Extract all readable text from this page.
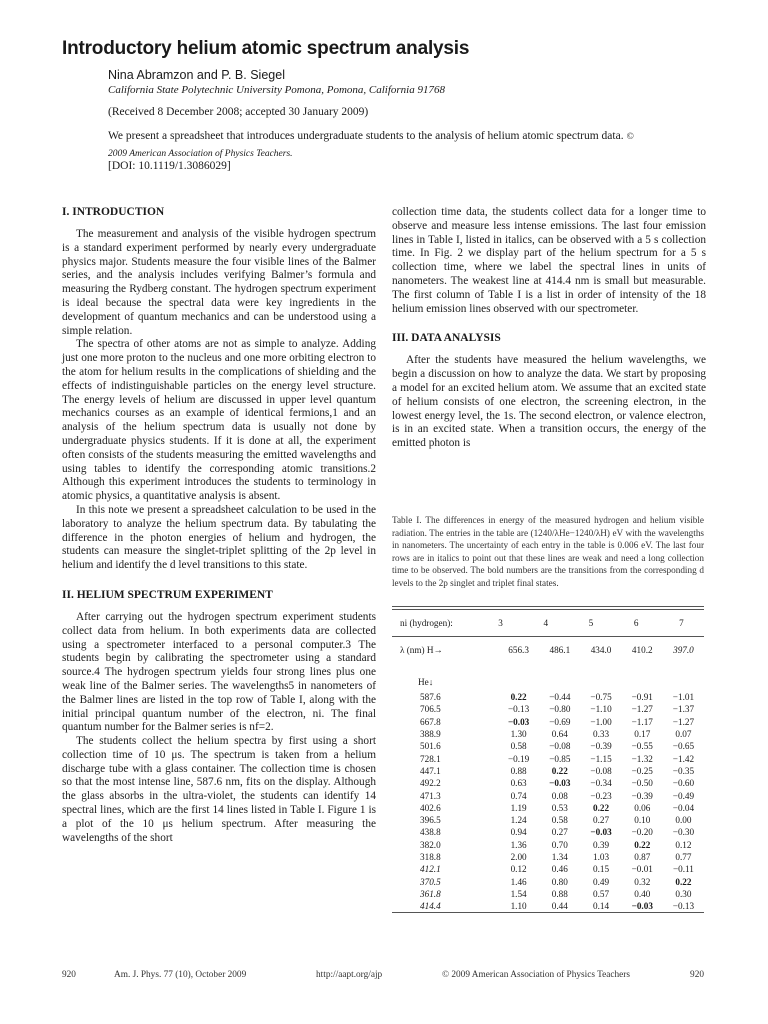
Introductory helium atomic spectrum analysis
Nina Abramzon and P. B. Siegel
California State Polytechnic University Pomona, Pomona, California 91768
(Received 8 December 2008; accepted 30 January 2009)
We present a spreadsheet that introduces undergraduate students to the analysis of helium atomic spectrum data. © 2009 American Association of Physics Teachers.
[DOI: 10.1119/1.3086029]
I. INTRODUCTION

The measurement and analysis of the visible hydrogen spectrum is a standard experiment performed by nearly every undergraduate physics major. Students measure the four visible lines of the Balmer series, and the analysis includes verifying Balmer’s formula and measuring the Rydberg constant. The hydrogen spectrum experiment is ideal because the spectral data were key ingredients in the development of quantum mechanics and can be understood using a simple relation.

The spectra of other atoms are not as simple to analyze. Adding just one more proton to the nucleus and one more orbiting electron to the atom for helium results in the complications of shielding and the effects of indistinguishable particles on the energy level structure. The energy levels of helium are discussed in upper level quantum mechanics courses as an example of identical fermions,1 and an analysis of the helium spectrum data is usually not done by undergraduate physics students. If it is done at all, the experiment often consists of the students measuring the emitted wavelengths and using tables to identify the corresponding atomic transitions.2 Although this experiment introduces the students to terminology in atomic physics, a quantitative analysis is absent.

In this note we present a spreadsheet calculation to be used in the laboratory to analyze the helium spectrum data. By tabulating the difference in the photon energies of helium and hydrogen, the students can measure the singlet-triplet splitting of the 2p level in helium and identify the d level transitions to this state.

II. HELIUM SPECTRUM EXPERIMENT

After carrying out the hydrogen spectrum experiment students collect data from helium. In both experiments data are collected using a spectrometer interfaced to a personal computer.3 The students begin by calibrating the spectrometer using a standard source.4 The hydrogen spectrum yields four strong lines plus one weak line of the Balmer series. The wavelengths5 in nanometers of the Balmer lines are listed in the top row of Table I, along with the initial principal quantum number of the electron, ni. The final quantum number for the Balmer series is nf=2.

The students collect the helium spectra by first using a short collection time of 10 μs. The spectrum is taken from a helium discharge tube with a glass container. The collection time is chosen so that the most intense line, 587.6 nm, fits on the display. Although the glass absorbs in the ultra-violet, the students can identify 14 spectral lines, which are the first 14 lines listed in Table I. Figure 1 is a plot of the 10 μs helium spectrum. After measuring the wavelengths of the short

collection time data, the students collect data for a longer time to observe and measure less intense emissions. The last four emission lines in Table I, listed in italics, can be observed with a 5 s collection time. In Fig. 2 we display part of the helium spectrum for a 5 s collection time, where we label the spectral lines in units of nanometers. The weakest line at 414.4 nm is small but measurable. The first column of Table I is a list in order of intensity of the 18 helium emission lines observed with our spectrometer.

III. DATA ANALYSIS

After the students have measured the helium wavelengths, we begin a discussion on how to analyze the data. We start by proposing a model for an excited helium atom. We assume that an excited state of helium consists of one electron, the screening electron, in the lowest energy level, the 1s. The second electron, or valence electron, is in an excited state. When a transition occurs, the energy of the emitted photon is

Table I. The differences in energy of the measured hydrogen and helium visible radiation. The entries in the table are (1240/λHe−1240/λH) eV with the wavelengths in nanometers. The uncertainty of each entry in the table is 0.006 eV. The last four rows are in italics to point out that these lines are weak and need a long collection time to be observed. The bold numbers are the transitions from the corresponding d levels to the 2p singlet and triplet final states.
ni (hydrogen):	3	4	5	6	7
λ (nm) H→	656.3	486.1	434.0	410.2	397.0
He↓					
587.6	0.22	−0.44	−0.75	−0.91	−1.01
706.5	−0.13	−0.80	−1.10	−1.27	−1.37
667.8	−0.03	−0.69	−1.00	−1.17	−1.27
388.9	1.30	0.64	0.33	0.17	0.07
501.6	0.58	−0.08	−0.39	−0.55	−0.65
728.1	−0.19	−0.85	−1.15	−1.32	−1.42
447.1	0.88	0.22	−0.08	−0.25	−0.35
492.2	0.63	−0.03	−0.34	−0.50	−0.60
471.3	0.74	0.08	−0.23	−0.39	−0.49
402.6	1.19	0.53	0.22	0.06	−0.04
396.5	1.24	0.58	0.27	0.10	0.00
438.8	0.94	0.27	−0.03	−0.20	−0.30
382.0	1.36	0.70	0.39	0.22	0.12
318.8	2.00	1.34	1.03	0.87	0.77
412.1	0.12	0.46	0.15	−0.01	−0.11
370.5	1.46	0.80	0.49	0.32	0.22
361.8	1.54	0.88	0.57	0.40	0.30
414.4	1.10	0.44	0.14	−0.03	−0.13
920	Am. J. Phys. 77 (10), October 2009	http://aapt.org/ajp	© 2009 American Association of Physics Teachers	920
